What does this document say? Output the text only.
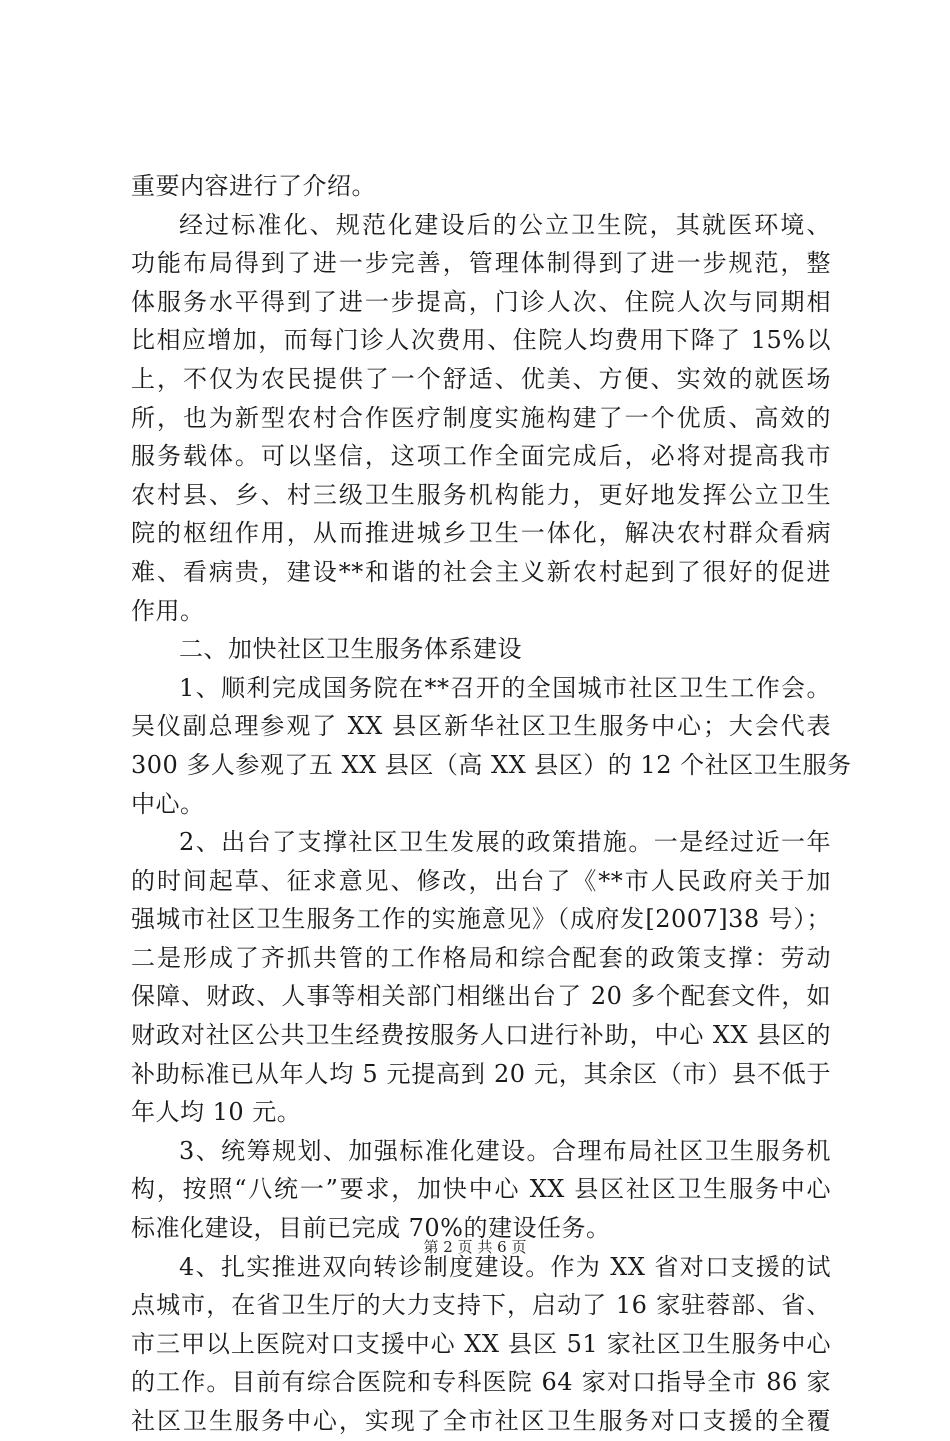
重要内容进行了介绍。
经过标准化、规范化建设后的公立卫生院，其就医环境、
功能布局得到了进一步完善，管理体制得到了进一步规范，整
体服务水平得到了进一步提高，门诊人次、住院人次与同期相
比相应增加，而每门诊人次费用、住院人均费用下降了 15%以
上，不仅为农民提供了一个舒适、优美、方便、实效的就医场
所，也为新型农村合作医疗制度实施构建了一个优质、高效的
服务载体。可以坚信，这项工作全面完成后，必将对提高我市
农村县、乡、村三级卫生服务机构能力，更好地发挥公立卫生
院的枢纽作用，从而推进城乡卫生一体化，解决农村群众看病
难、看病贵，建设**和谐的社会主义新农村起到了很好的促进
作用。
二、加快社区卫生服务体系建设
1、顺利完成国务院在**召开的全国城市社区卫生工作会。
吴仪副总理参观了 XX 县区新华社区卫生服务中心；大会代表
300 多人参观了五 XX 县区（高 XX 县区）的 12 个社区卫生服务
中心。
2、出台了支撑社区卫生发展的政策措施。一是经过近一年
的时间起草、征求意见、修改，出台了《**市人民政府关于加
强城市社区卫生服务工作的实施意见》（成府发[2007]38 号）；
二是形成了齐抓共管的工作格局和综合配套的政策支撑：劳动
保障、财政、人事等相关部门相继出台了 20 多个配套文件，如
财政对社区公共卫生经费按服务人口进行补助，中心 XX 县区的
补助标准已从年人均 5 元提高到 20 元，其余区（市）县不低于
年人均 10 元。
3、统筹规划、加强标准化建设。合理布局社区卫生服务机
构，按照“八统一”要求，加快中心 XX 县区社区卫生服务中心
标准化建设，目前已完成 70%的建设任务。
4、扎实推进双向转诊制度建设。作为 XX 省对口支援的试
点城市，在省卫生厅的大力支持下，启动了 16 家驻蓉部、省、
市三甲以上医院对口支援中心 XX 县区 51 家社区卫生服务中心
的工作。目前有综合医院和专科医院 64 家对口指导全市 86 家
社区卫生服务中心，实现了全市社区卫生服务对口支援的全覆
第 2 页 共 6 页
